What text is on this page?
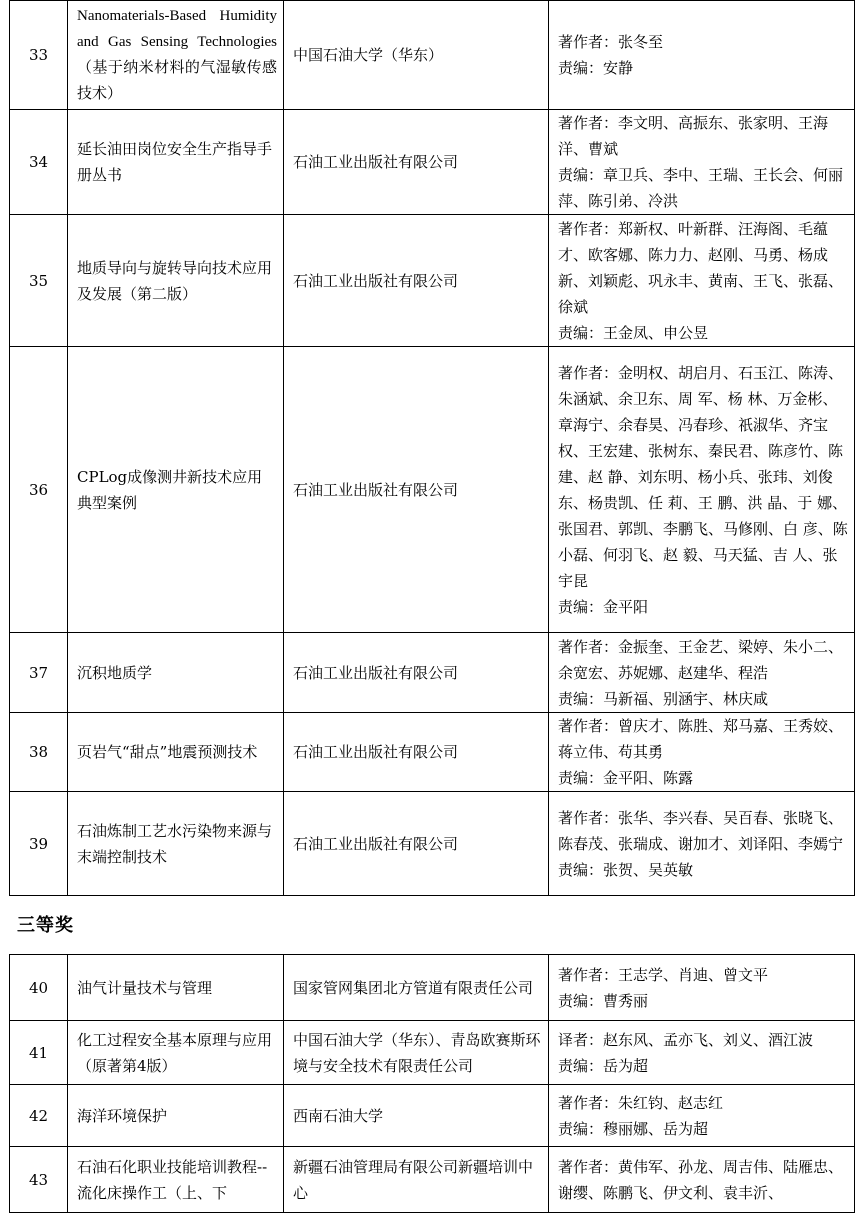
33	Nanomaterials-Based Humidity and Gas Sensing Technologies（基于纳米材料的气湿敏传感技术）	中国石油大学（华东）	著作者：张冬至
责编：安静

34	延长油田岗位安全生产指导手册丛书	石油工业出版社有限公司	著作者：李文明、高振东、张家明、王海洋、曹斌
责编：章卫兵、李中、王瑞、王长会、何丽萍、陈引弟、冷洪

35	地质导向与旋转导向技术应用及发展（第二版）	石油工业出版社有限公司	著作者：郑新权、叶新群、汪海阁、毛蕴才、欧客娜、陈力力、赵刚、马勇、杨成新、刘颖彪、巩永丰、黄南、王飞、张磊、徐斌
责编：王金凤、申公昱

36	CPLog成像测井新技术应用典型案例	石油工业出版社有限公司	著作者：金明权、胡启月、石玉江、陈涛、朱涵斌、余卫东、周 军、杨 林、万金彬、章海宁、余春昊、冯春珍、祇淑华、齐宝权、王宏建、张树东、秦民君、陈彦竹、陈 建、赵 静、刘东明、杨小兵、张玮、刘俊东、杨贵凯、任 莉、王 鹏、洪 晶、于 娜、张国君、郭凯、李鹏飞、马修刚、白 彦、陈小磊、何羽飞、赵 毅、马天猛、吉 人、张宇昆
责编：金平阳

37	沉积地质学	石油工业出版社有限公司	著作者：金振奎、王金艺、梁婷、朱小二、余宽宏、苏妮娜、赵建华、程浩
责编：马新福、别涵宇、林庆咸

38	页岩气“甜点”地震预测技术	石油工业出版社有限公司	著作者：曾庆才、陈胜、郑马嘉、王秀姣、蒋立伟、苟其勇
责编：金平阳、陈露

39	石油炼制工艺水污染物来源与末端控制技术	石油工业出版社有限公司	著作者：张华、李兴春、吴百春、张晓飞、陈春茂、张瑞成、谢加才、刘译阳、李嫣宁
责编：张贺、吴英敏
三等奖
40	油气计量技术与管理	国家管网集团北方管道有限责任公司	著作者：王志学、肖迪、曾文平
责编：曹秀丽

41	化工过程安全基本原理与应用（原著第4版）	中国石油大学（华东）、青岛欧赛斯环境与安全技术有限责任公司	译者：赵东风、孟亦飞、刘义、酒江波
责编：岳为超

42	海洋环境保护	西南石油大学	著作者：朱红钧、赵志红
责编：穆丽娜、岳为超

43	石油石化职业技能培训教程--流化床操作工（上、下	新疆石油管理局有限公司新疆培训中心	著作者：黄伟军、孙龙、周吉伟、陆雁忠、谢缨、陈鹏飞、伊文利、袁丰沂、
